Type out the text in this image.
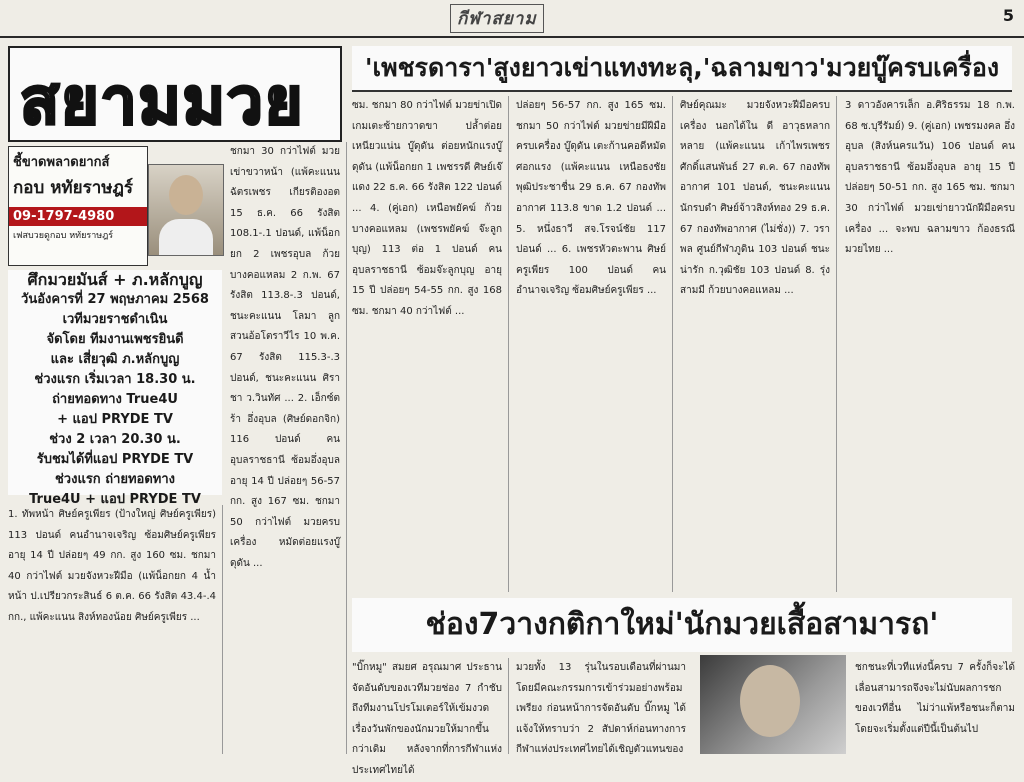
กีฬาสยาม	5
สยามมวย	'เพชรดารา'สูงยาวเข่าแทงทะลุ,'ฉลามขาว'มวยบู๊ครบเครื่อง
ชี้ขาดพลาดยากส์
กอบ หทัยราษฎร์
09-1797-4980
เฟสบวยดูกอบ หทัยราษฎร์
ศึกมวยมันส์ + ภ.หลักบูญ
วันอังคารที่ 27 พฤษภาคม 2568
เวทีมวยราชดำเนิน
จัดโดย ทีมงานเพชรยินดี
และ เสี่ยวุฒิ ภ.หลักบูญ
ช่วงแรก เริ่มเวลา 18.30 น.
ถ่ายทอดทาง True4U
+ แอป PRYDE TV
ช่วง 2 เวลา 20.30 น.
รับชมได้ที่แอป PRYDE TV
ช่วงแรก ถ่ายทอดทาง
True4U + แอป PRYDE TV
1. ทัพหน้า ศิษย์ครูเพียร (ป้างใหญ่ ศิษย์ครูเพียร) 113 ปอนด์ คนอำนาจเจริญ ซ้อมศิษย์ครูเพียร อายุ 14 ปี ปล่อยๆ 49 กก. สูง 160 ซม. ชกมา 40 กว่าไฟต์ มวยจังหวะฝีมือ (แพ้น็อกยก 4 น้ำหน้า ป.เปรียวกระสินธ์ 6 ต.ค. 66 รังสิต 43.4-.4 กก., แพ้คะแนน สิงห์ทองน้อย ศิษย์ครูเพียร ...
ชกมา 30 กว่าไฟต์ มวยเข่าขวาหน้า (แพ้คะแนน ฉัตรเพชร เกียรติองอต 15 ธ.ค. 66 รังสิต 108.1-.1 ปอนด์, แพ้น็อกยก 2 เพชรอุบล ก้วยบางคอแหลม 2 ก.พ. 67 รังสิต 113.8-.3 ปอนด์, ชนะคะแนน โลมา ลูกสวนอ้อโตราวีไร 10 พ.ค. 67 รังสิต 115.3-.3 ปอนด์, ชนะคะแนน ศิราชา ว.วินทัศ ... 2. เอ็กซ์ตร้า อึ่งอุบล (ศิษย์ดอกจิก) 116 ปอนด์ คนอุบลราชธานี ซ้อมอึ่งอุบล อายุ 14 ปี ปล่อยๆ 56-57 กก. สูง 167 ซม. ชกมา 50 กว่าไฟต์ มวยครบเครื่อง หมัดต่อยแรงบู๊ดุดัน ...
ซม. ชกมา 80 กว่าไฟต์ มวยข่าเปิดเกมเตะซ้ายกวาดขา ปล้ำต่อยเหนียวแน่น บู๊ดุดัน ต่อยหนักแรงบู๊ดุดัน (แพ้น็อกยก 1 เพชรรดี ศิษย์เจ๊แดง 22 ธ.ค. 66 รังสิต 122 ปอนด์ ... 4. (คู่เอก) เหนือพยัคฆ์ ก้วยบางคอแหลม (เพชรพยัคฆ์ จ๊ะลูกบุญ) 113 ต่อ 1 ปอนด์ คนอุบลราชธานี ซ้อมจ๊ะลูกบุญ อายุ 15 ปี ปล่อยๆ 54-55 กก. สูง 168 ซม. ชกมา 40 กว่าไฟต์ ...
ปล่อยๆ 56-57 กก. สูง 165 ซม. ชกมา 50 กว่าไฟต์ มวยข่ายมีฝีมือครบเครื่อง บู๊ดุดัน เตะก้านคอดีหมัดศอกแรง (แพ้คะแนน เหนือธงชัย พุฒิประชาชื่น 29 ธ.ค. 67 กองทัพอากาศ 113.8 ขาด 1.2 ปอนด์ ... 5. หนึ่งธาวี สจ.โรจน์ชัย 117 ปอนด์ ... 6. เพชรหัวตะพาน ศิษย์ครูเพียร 100 ปอนด์ คนอำนาจเจริญ ซ้อมศิษย์ครูเพียร ...
ศิษย์คุณมะ มวยจังหวะฝีมือครบเครื่อง นอกได้ใน ดี อาวุธหลากหลาย (แพ้คะแนน เก้าไพรเพชร ศักดิ์แสนพันธ์ 27 ต.ค. 67 กองทัพอากาศ 101 ปอนด์, ชนะคะแนน นักรบดำ ศิษย์จ้าวสิงห์ทอง 29 ธ.ค. 67 กองทัพอากาศ (ไม่ชั่ง)) 7. วราพล ศูนย์กีฬาภูดิน 103 ปอนด์ ชนะ น่ารัก ก.วุฒิชัย 103 ปอนด์ 8. รุ่งสามมี ก้วยบางคอแหลม ...
3 ดาวอังคารเล็ก อ.ศิริธรรม 18 ก.พ. 68 ซ.บุรีรัมย์) 9. (คู่เอก) เพชรมงคล อึ่งอุบล (สิงห์นครแวัน) 106 ปอนด์ คนอุบลราชธานี ซ้อมอึ่งอุบล อายุ 15 ปี ปล่อยๆ 50-51 กก. สูง 165 ซม. ชกมา 30 กว่าไฟต์ มวยเข่ายาวนักฝีมือครบเครื่อง ... จะพบ ฉลามขาว ก้องธรณีมวยไทย ...
ช่อง7วางกติกาใหม่'นักมวยเสื้อสามารถ'
"บิ๊กหมู" สมยศ อรุณมาศ ประธานจัดอันดับของเวทีมวยช่อง 7 กำชับถึงทีมงานโปรโมเตอร์ให้เข้มงวด เรื่องวันพักของนักมวยให้มากขึ้นกว่าเดิม หลังจากที่การกีฬาแห่งประเทศไทยได้
มวยทั้ง 13 รุ่นในรอบเดือนที่ผ่านมา โดยมีคณะกรรมการเข้าร่วมอย่างพร้อมเพรียง ก่อนหน้าการจัดอันดับ บิ๊กหมู ได้แจ้งให้ทราบว่า 2 สัปดาห์ก่อนทางการกีฬาแห่งประเทศไทยได้เชิญตัวแทนของ
ชกชนะที่เวทีแห่งนี้ครบ 7 ครั้งก็จะได้เลื่อนสามารถจึงจะไม่นับผลการชกของเวทีอื่น ไม่ว่าแพ้หรือชนะก็ตาม โดยจะเริ่มตั้งแต่ปีนี้เป็นต้นไป
